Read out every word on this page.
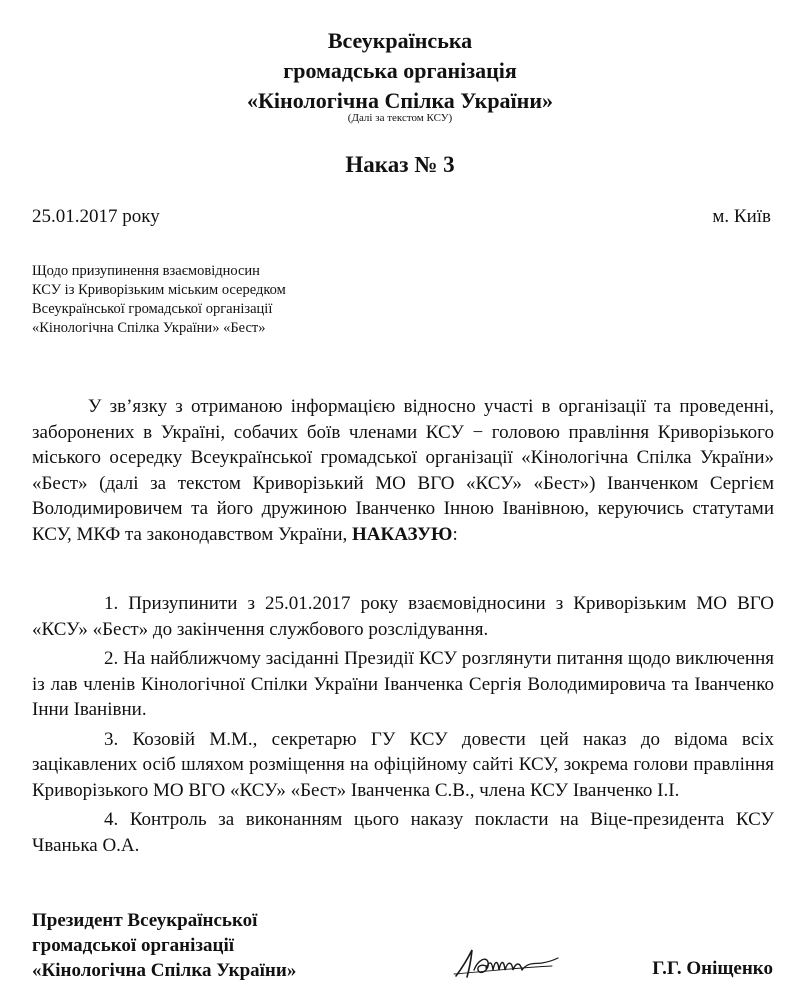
Всеукраїнська
громадська організація
«Кінологічна Спілка України»
(Далі за текстом КСУ)
Наказ № 3
25.01.2017 року	м. Київ
Щодо призупинення взаємовідносин
КСУ із Криворізьким міським осередком
Всеукраїнської громадської організації
«Кінологічна Спілка України» «Бест»
У зв’язку з отриманою інформацією відносно участі в організації та проведенні, заборонених в Україні, собачих боїв членами КСУ − головою правління Криворізького міського осередку Всеукраїнської громадської організації «Кінологічна Спілка України» «Бест» (далі за текстом Криворізький МО ВГО «КСУ» «Бест») Іванченком Сергієм Володимировичем та його дружиною Іванченко Інною Іванівною, керуючись статутами КСУ, МКФ та законодавством України, НАКАЗУЮ:
1. Призупинити з 25.01.2017 року взаємовідносини з Криворізьким МО ВГО «КСУ» «Бест» до закінчення службового розслідування.
2. На найближчому засіданні Президії КСУ розглянути питання щодо виключення із лав членів Кінологічної Спілки України Іванченка Сергія Володимировича та Іванченко Інни Іванівни.
3. Козовій М.М., секретарю ГУ КСУ довести цей наказ до відома всіх зацікавлених осіб шляхом розміщення на офіційному сайті КСУ, зокрема голови правління Криворізького МО ВГО «КСУ» «Бест» Іванченка С.В., члена КСУ Іванченко І.І.
4. Контроль за виконанням цього наказу покласти на Віце-президента КСУ Чванька О.А.
Президент Всеукраїнської
громадської організації
«Кінологічна Спілка України»	Г.Г. Оніщенко
